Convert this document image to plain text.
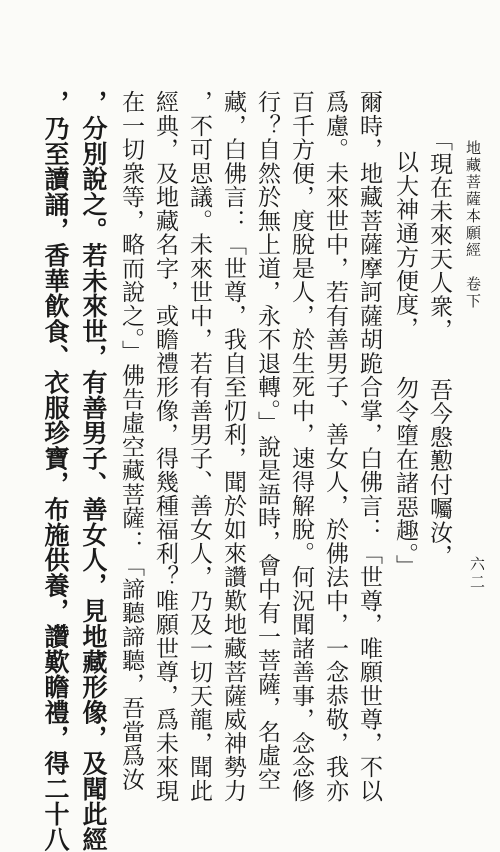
地藏菩薩本願經　卷下
六二
「現在未來天人衆，　　吾今慇懃付囑汝，
以大神通方便度，　　勿令墮在諸惡趣。」
爾時，地藏菩薩摩訶薩胡跪合掌，白佛言：「世尊，唯願世尊，不以
爲慮。未來世中，若有善男子、善女人，於佛法中，一念恭敬，我亦
百千方便，度脫是人，於生死中，速得解脫。何況聞諸善事，念念修
行？自然於無上道，永不退轉。」說是語時，會中有一菩薩，名虛空
藏，白佛言：「世尊，我自至忉利，聞於如來讚歎地藏菩薩威神勢力
，不可思議。未來世中，若有善男子、善女人，乃及一切天龍，聞此
經典，及地藏名字，或瞻禮形像，得幾種福利？唯願世尊，爲未來現
在一切衆等，略而說之。」佛告虛空藏菩薩：「諦聽諦聽，吾當爲汝
，分別說之。若未來世，有善男子、善女人，見地藏形像，及聞此經
，乃至讀誦，香華飮食、衣服珍寶，布施供養，讚歎瞻禮，得二十八
